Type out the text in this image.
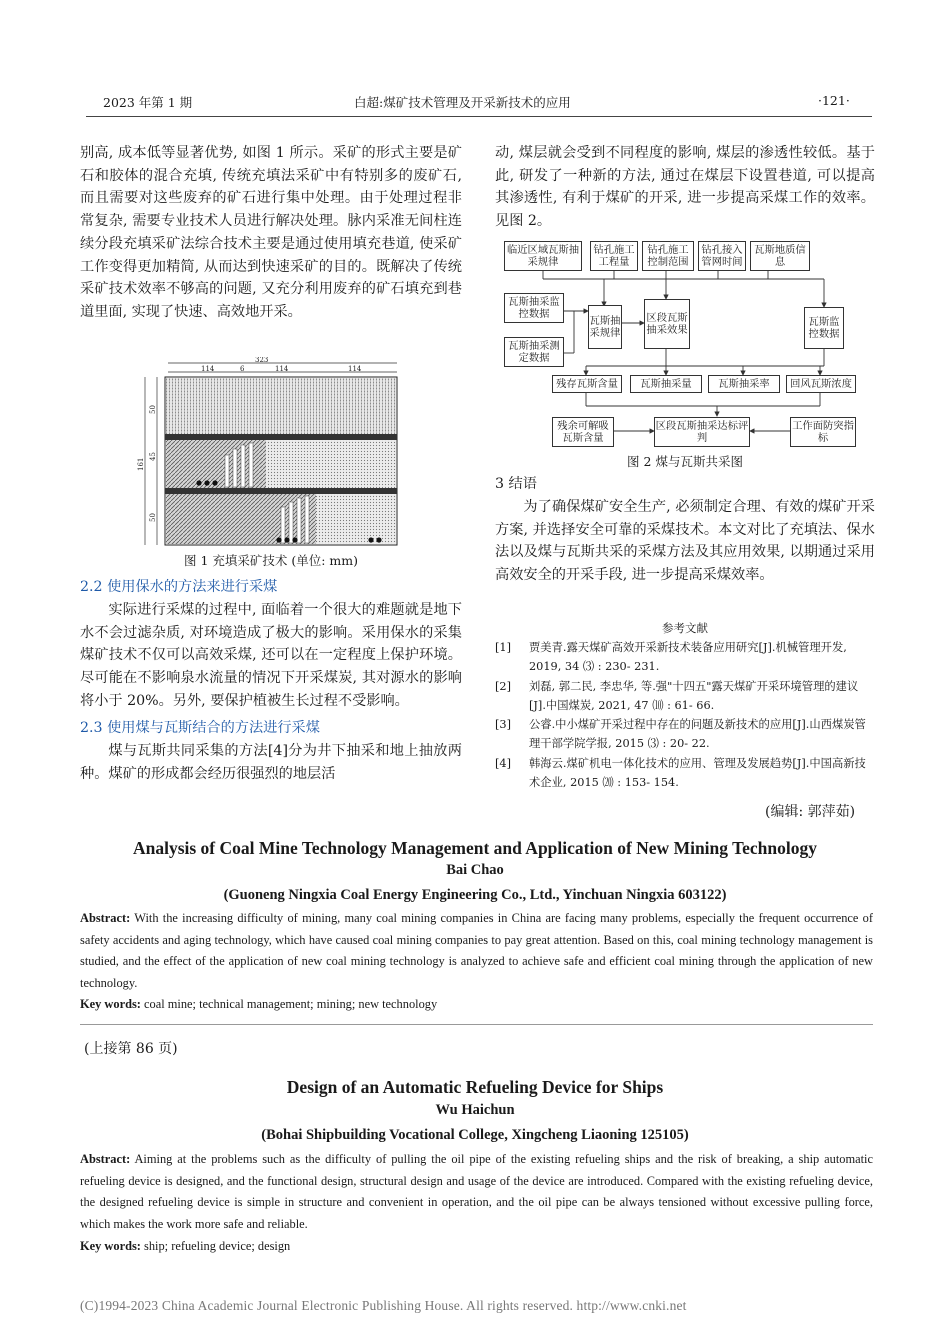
2023 年第 1 期	白超:煤矿技术管理及开采新技术的应用	·121·

别高, 成本低等显著优势, 如图 1 所示。采矿的形式主要是矿石和胶体的混合充填, 传统充填法采矿中有特别多的废矿石, 而且需要对这些废弃的矿石进行集中处理。由于处理过程非常复杂, 需要专业技术人员进行解决处理。脉内采准无间柱连续分段充填采矿法综合技术主要是通过使用填充巷道, 使采矿工作变得更加精简, 从而达到快速采矿的目的。既解决了传统采矿技术效率不够高的问题, 又充分利用废弃的矿石填充到巷道里面, 实现了快速、高效地开采。

323
114	6	114	114
161
50
45
50
图 1 充填采矿技术 (单位: mm)
2.2 使用保水的方法来进行采煤

实际进行采煤的过程中, 面临着一个很大的难题就是地下水不会过滤杂质, 对环境造成了极大的影响。采用保水的采集煤矿技术不仅可以高效采煤, 还可以在一定程度上保护环境。尽可能在不影响泉水流量的情况下开采煤炭, 其对源水的影响将小于 20%。另外, 要保护植被生长过程不受影响。

2.3 使用煤与瓦斯结合的方法进行采煤

煤与瓦斯共同采集的方法[4]分为井下抽采和地上抽放两种。煤矿的形成都会经历很强烈的地层活

动, 煤层就会受到不同程度的影响, 煤层的渗透性较低。基于此, 研发了一种新的方法, 通过在煤层下设置巷道, 可以提高其渗透性, 有利于煤矿的开采, 进一步提高采煤工作的效率。见图 2。

临近区域瓦斯抽采规律
钻孔施工工程量
钻孔施工控制范围
钻孔接入管网时间
瓦斯地质信息
瓦斯抽采监控数据
瓦斯抽采规律
区段瓦斯抽采效果
瓦斯抽采测定数据
瓦斯监控数据
残存瓦斯含量	瓦斯抽采量	瓦斯抽采率	回风瓦斯浓度
残余可解吸瓦斯含量
区段瓦斯抽采达标评判
工作面防突指标
图 2 煤与瓦斯共采图
3 结语

为了确保煤矿安全生产, 必须制定合理、有效的煤矿开采方案, 并选择安全可靠的采煤技术。本文对比了充填法、保水法以及煤与瓦斯共采的采煤方法及其应用效果, 以期通过采用高效安全的开采手段, 进一步提高采煤效率。

参考文献
[1] 贾美青.露天煤矿高效开采新技术装备应用研究[J].机械管理开发, 2019, 34 ⑶ : 230- 231.
[2] 刘磊, 郭二民, 李忠华, 等.强"十四五"露天煤矿开采环境管理的建议[J].中国煤炭, 2021, 47 ⑽ : 61- 66.
[3] 公睿.中小煤矿开采过程中存在的问题及新技术的应用[J].山西煤炭管理干部学院学报, 2015 ⑶ : 20- 22.
[4] 韩海云.煤矿机电一体化技术的应用、管理及发展趋势[J].中国高新技术企业, 2015 ⒇ : 153- 154.
(编辑: 郭萍茹)
Analysis of Coal Mine Technology Management and Application of New Mining Technology
Bai Chao
(Guoneng Ningxia Coal Energy Engineering Co., Ltd., Yinchuan Ningxia 603122)
Abstract: With the increasing difficulty of mining, many coal mining companies in China are facing many problems, especially the frequent occurrence of safety accidents and aging technology, which have caused coal mining companies to pay great attention. Based on this, coal mining technology management is studied, and the effect of the application of new coal mining technology is analyzed to achieve safe and efficient coal mining through the application of new technology.
Key words: coal mine; technical management; mining; new technology
(上接第 86 页)
Design of an Automatic Refueling Device for Ships
Wu Haichun
(Bohai Shipbuilding Vocational College, Xingcheng Liaoning 125105)
Abstract: Aiming at the problems such as the difficulty of pulling the oil pipe of the existing refueling ships and the risk of breaking, a ship automatic refueling device is designed, and the functional design, structural design and usage of the device are introduced. Compared with the existing refueling device, the designed refueling device is simple in structure and convenient in operation, and the oil pipe can be always tensioned without excessive pulling force, which makes the work more safe and reliable.
Key words: ship; refueling device; design
(C)1994-2023 China Academic Journal Electronic Publishing House. All rights reserved. http://www.cnki.net
